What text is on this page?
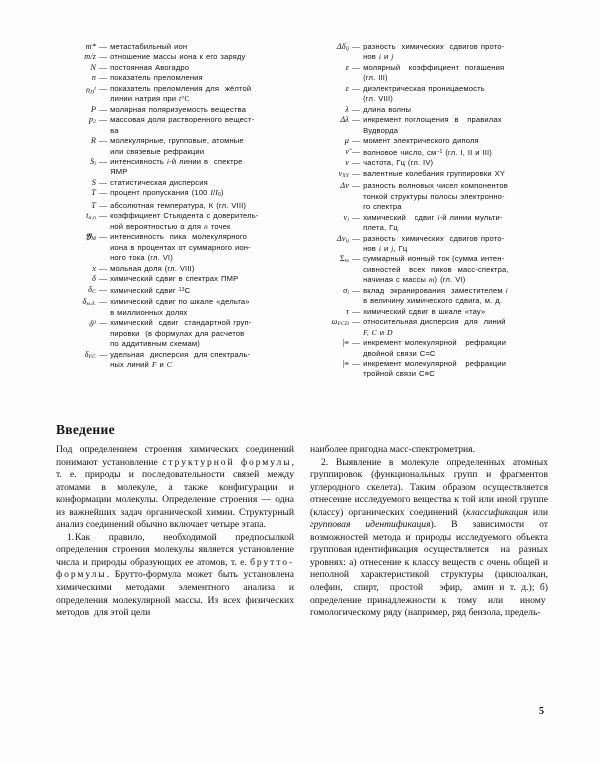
m* — метастабильный ион
m/z — отношение массы иона к его заряду
N — постоянная Авогадро
n — показатель преломления
$n_D^t$ — показатель преломления для  жёлтой
линии натрия при t°C
P — молярная поляризуемость вещества
$p_2$ — массовая доля растворенного вещест-
ва
R — молекулярные, групповые, атомные
или связевые рефракции
$S_i$ — интенсивность i-й линии в  спектре
ЯМР
S — статистическая дисперсия
T — процент пропускания (100 $I/I_0$)
T — абсолютная температура, К (гл. VIII)
$t_{\alpha,n}$ — коэффициент Стьюдента с доверитель-
ной вероятностью α для n точек
𝖄$_M$ — интенсивность  пика  молекулярного
иона в процентах от суммарного ион-
ного тока (гл. VI)
x — мольная доля (гл. VIII)
δ — химический сдвиг в спектрах ПМР
$\delta_C$ — химический сдвиг $^{13}$C
$\delta_{м.д.}$ — химический сдвиг по шкале «дельта»
в миллионных долях
$\delta^0$ — химический  сдвиг  стандартной груп-
пировки  (в формулах для расчетов
по аддитивным схемам)
$\delta_{FC}$ — удельная  дисперсия  для спектраль-
ных линий F и C
$\Delta\delta_{ij}$ — разность  химических  сдвигов прото-
нов i и j
ε — молярный   коэффициент  погашения
(гл. III)
ε — диэлектрическая проницаемость
(гл. VIII)
λ — длина волны
Δλ — инкремент поглощения  в   правилах
Вудворда
μ — момент электрического диполя
ν̃ — волновое число, $см^{-1}$ (гл. I, II и III)
ν — частота, Гц (гл. IV)
$\nu_{XY}$ — валентные колебания группировки XY
Δν — разность волновых чисел компонентов
тонкой структуры полосы электронно-
го спектра
$\nu_i$ — химический   сдвиг i-й линии мульти-
плета, Гц
$\Delta\nu_{ij}$ — разность  химических  сдвигов прото-
нов i и j, Гц
$\Sigma_m$ — суммарный ионный ток (сумма интен-
сивностей   всех  пиков  масс-спектра,
начиная с массы m) (гл. VI)
$\sigma_i$ — вклад  экранирования  заместителем i
в величину химического сдвига, м. д.
τ — химический сдвиг в шкале «тау»
$\omega_{FCD}$ — относительная дисперсия  для  линий
F, C и D
|≡ — инкремент молекулярной   рефракции
двойной связи C=C
|≡ — инкремент молекулярной   рефракции
тройной связи C≡C
Введение

Под определением строения химических соединений понимают установление структурной формулы, т. е. природы и последовательности связей между атомами в молекуле, а также конфигурации и конформации молекулы. Определение строения — одна из важнейших задач органической химии. Структурный анализ соединений обычно включает четыре этапа.

1. Как правило, необходимой предпосылкой определения строения молекулы является установление числа и природы образующих ее атомов, т. е. брутто-формулы. Брутто-формула может быть установлена химическими методами элементного анализа и определения молекулярной массы. Из всех физических методов  для этой цели

наиболее пригодна масс-спектрометрия.

2. Выявление в молекуле определенных атомных группировок (функциональных групп и фрагментов углеродного скелета). Таким образом осуществляется отнесение исследуемого вещества к той или иной группе (классу) органических соединений (классификация или групповая идентификация). В зависимости от возможностей метода и природы исследуемого объекта групповая идентификация  осуществляется    на   разных уровнях: а) отнесение к классу веществ с очень общей и неполной характеристикой структуры (циклоалкан, олефин,  спирт,  простой   эфир,  амин и т. д.); б) определение принадлежности к  тому  или   иному  гомологическому ряду (например, ряд бензола, предель-

5
